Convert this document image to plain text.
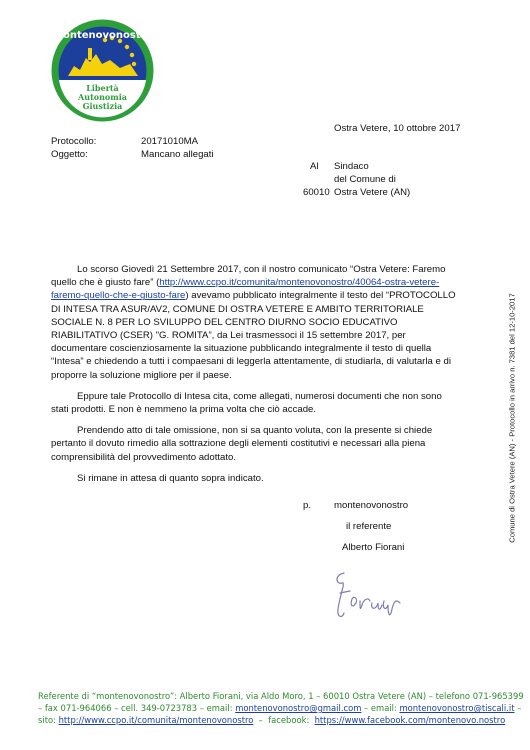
montenovonostro
Libertà
Autonomia
Giustizia
Ostra Vetere, 10 ottobre 2017
Protocollo:	20171010MA
Oggetto:	Mancano allegati
Al Sindaco
del Comune di
60010 Ostra Vetere (AN)

Lo scorso Giovedì 21 Settembre 2017, con il nostro comunicato “Ostra Vetere: Faremo quello che è giusto fare” (http://www.ccpo.it/comunita/montenovonostro/40064-ostra-vetere-faremo-quello-che-e-giusto-fare) avevamo pubblicato integralmente il testo del “PROTOCOLLO DI INTESA TRA ASUR/AV2, COMUNE DI OSTRA VETERE E AMBITO TERRITORIALE SOCIALE N. 8 PER LO SVILUPPO DEL CENTRO DIURNO SOCIO EDUCATIVO RIABILITATIVO (CSER) "G. ROMITA”, da Lei trasmessoci il 15 settembre 2017, per documentare coscienziosamente la situazione pubblicando integralmente il testo di quella “Intesa” e chiedendo a tutti i compaesani di leggerla attentamente, di studiarla, di valutarla e di proporre la soluzione migliore per il paese.

Eppure tale Protocollo di Intesa cita, come allegati, numerosi documenti che non sono stati prodotti. E non è nemmeno la prima volta che ciò accade.

Prendendo atto di tale omissione, non si sa quanto voluta, con la presente si chiede pertanto il dovuto rimedio alla sottrazione degli elementi costitutivi e necessari alla piena comprensibilità del provvedimento adottato.

Si rimane in attesa di quanto sopra indicato.

p. montenovonostro
il referente
Alberto Fiorani
Comune di Ostra Vetere (AN) - Protocollo in arrivo n. 7381 del 12-10-2017
Referente di “montenovonostro”: Alberto Fiorani, via Aldo Moro, 1 – 60010 Ostra Vetere (AN) – telefono 071-965399
– fax 071-964066 – cell. 349-0723783 – email: montenovonostro@gmail.com – email: montenovonostro@tiscali.it –
sito: http://www.ccpo.it/comunita/montenovonostro  –  facebook:  https://www.facebook.com/montenovo.nostro
